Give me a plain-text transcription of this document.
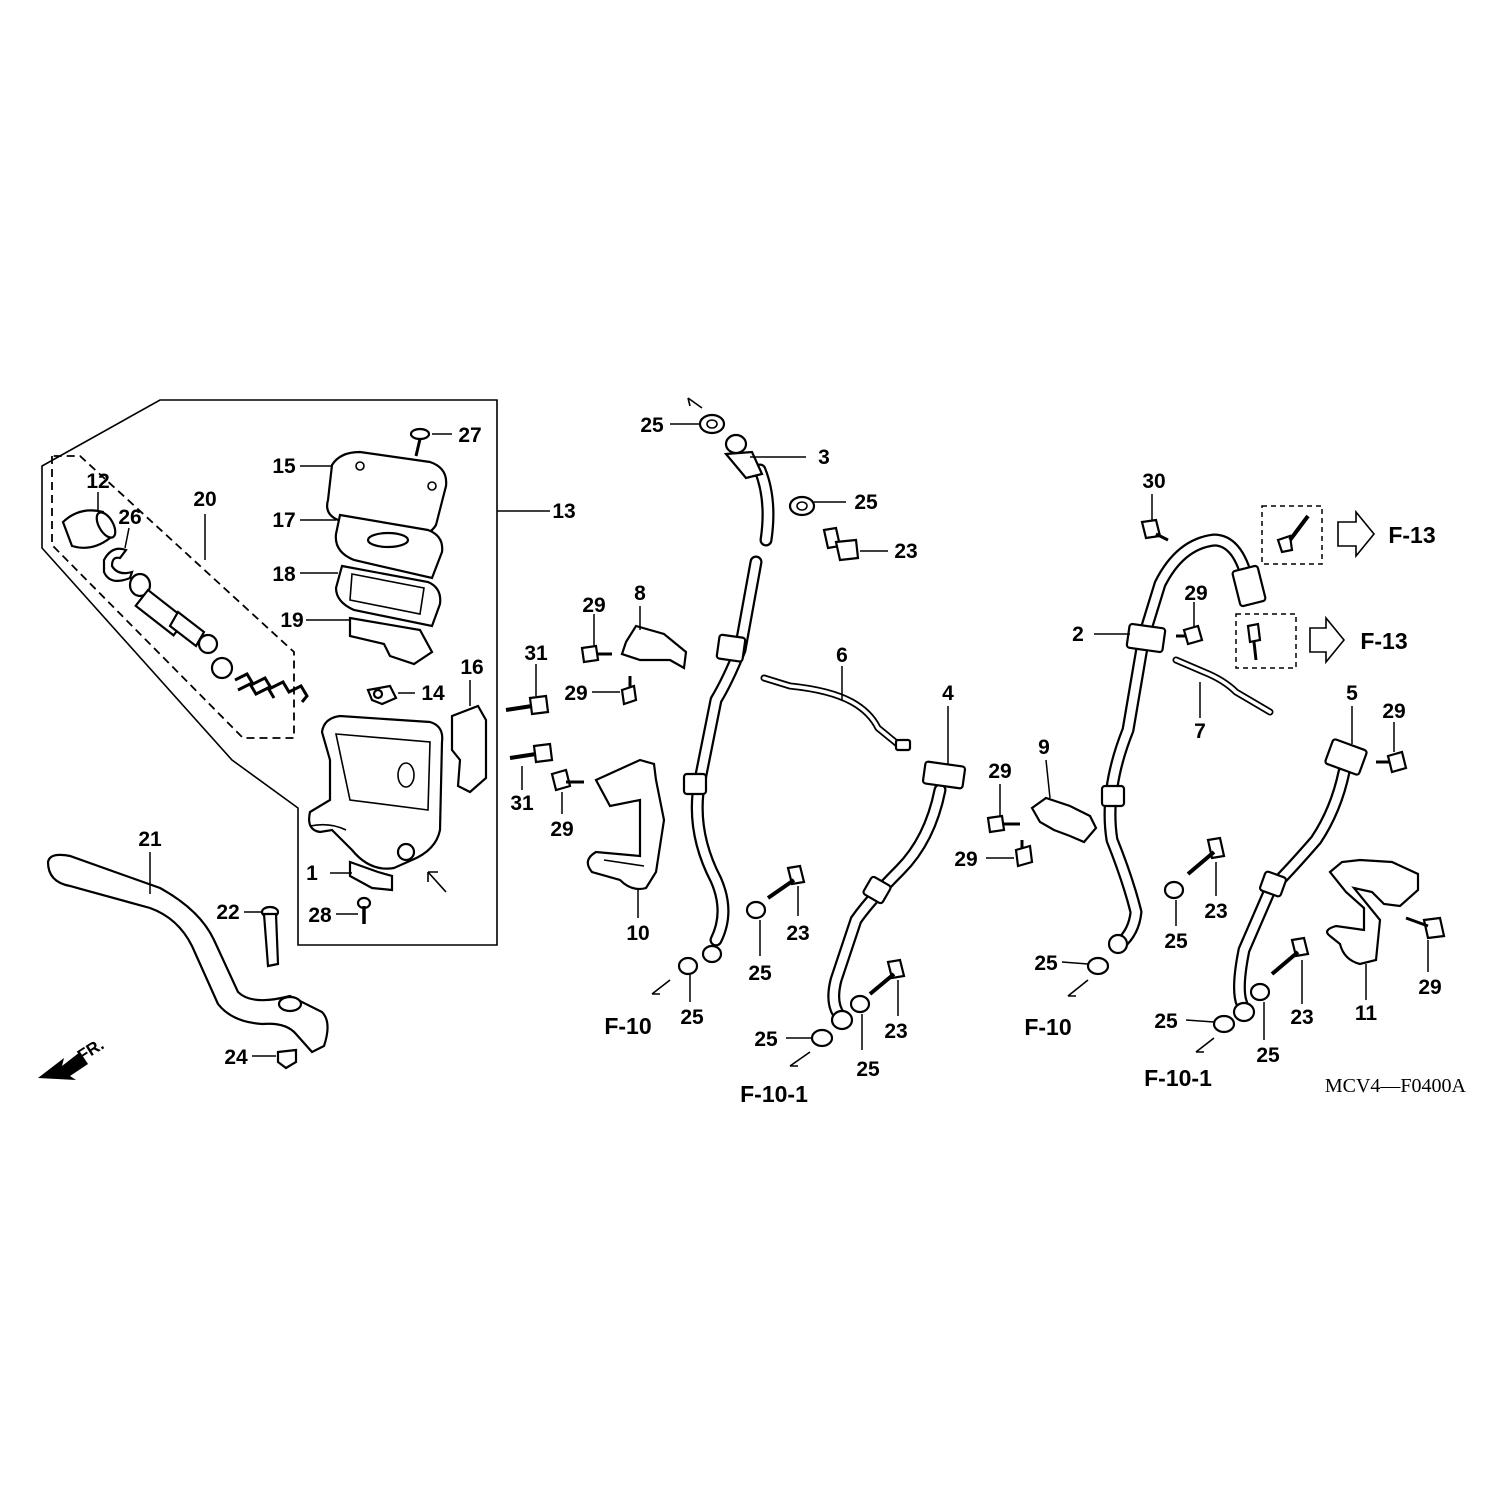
FR.
1
2
3
4	5
6
7
8
9
10
11
12
13
14
15
16
17
18
19
20
21
22
23
23
23
23
23
24
25
25
25
25
25
25
25
25
25
25
26
27
28
29
29
29
29
29
29
29
29
30
31
31
F-10
F-10-1
F-10
F-10-1
F-13
F-13
MCV4—F0400A
